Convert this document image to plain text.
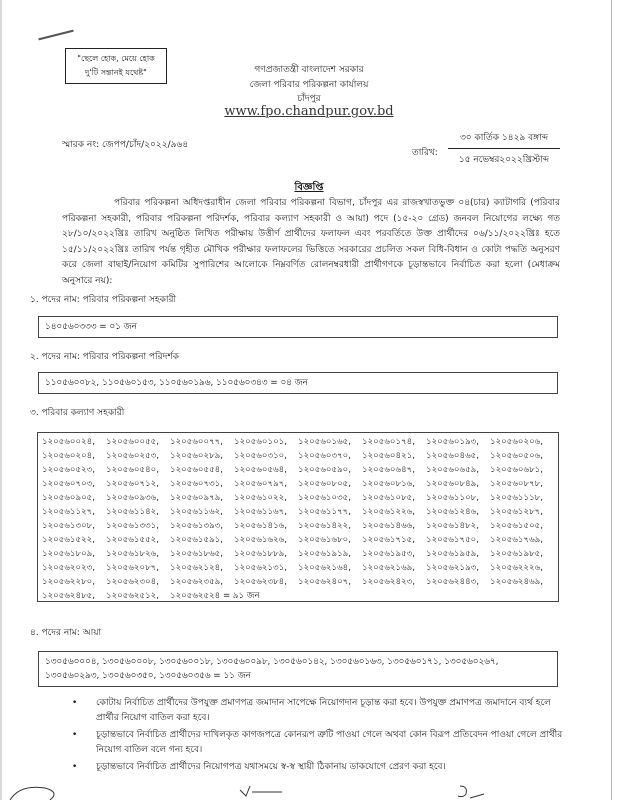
"ছেলে হোক, মেয়ে হোক
দু'টি সন্তানই যথেষ্ট"	গণপ্রজাতন্ত্রী বাংলাদেশ সরকার
জেলা পরিবার পরিকল্পনা কার্যালয়
চাঁদপুর
www.fpo.chandpur.gov.bd
স্মারক নং: জেপপ/চাঁদ/২০২২/৯৬৪
তারিখ:
৩০ কার্তিক ১৪২৯ বঙ্গাব্দ
১৫ নভেম্বর২০২২খ্রিস্টাব্দ
বিজ্ঞপ্তি
পরিবার পরিকল্পনা অধিদপ্তরাধীন জেলা পরিবার পরিকল্পনা বিভাগ, চাঁদপুর এর রাজস্বখাতভুক্ত ০৪(চার) ক্যাটাগরি (পরিবার পরিকল্পনা সহকারী, পরিবার পরিকল্পনা পরিদর্শক, পরিবার কল্যাণ সহকারী ও আয়া) পদে (১৫-২০ গ্রেড) জনবল নিয়োগের লক্ষ্যে গত ২৮/১০/২০২২খ্রিঃ তারিখ অনুষ্ঠিত লিখিত পরীক্ষায় উত্তীর্ণ প্রার্থীদের ফলাফল এবং পরবর্তিতে উক্ত প্রার্থীদের ০৬/১১/২০২২খ্রিঃ হতে ১৫/১১/২০২২খ্রিঃ তারিখ পর্যন্ত গৃহীত মৌখিক পরীক্ষার ফলাফলের ভিত্তিতে সরকারের প্রচলিত সকল বিধি-বিধান ও কোটা পদ্ধতি অনুসরণ করে জেলা বাছাই/নিয়োগ কমিটির সুপারিশের আলোকে নিম্নবর্ণিত রোলনম্বরধারী প্রার্থীগণকে চূড়ান্তভাবে নির্বাচিত করা হলো (মেধাক্রম অনুসারে নয়):
১. পদের নাম: পরিবার পরিকল্পনা সহকারী
১৪০৫৬০৩৩৩ = ০১ জন
২. পদের নাম: পরিবার পরিকল্পনা পরিদর্শক
১১০৫৬০০৮২, ১১০৫৬০১৫৩, ১১০৫৬০১৯৬, ১১০৫৬০৩৪৩ = ০৪ জন
৩. পরিবার কল্যাণ সহকারী
১২০৫৬০০২৪,	১২০৫৬০০৫৫,	১২০৫৬০০৭৭,	১২০৫৬০১০১,	১২০৫৬০১৬৫,	১২০৫৬০১৭৪,	১২০৫৬০১৯৩,	১২০৫৬০২০৬,
১২০৫৬০২০৪,	১২০৫৬০২৫৩,	১২০৫৬০২৮৯,	১২০৫৬০৩১০,	১২০৫৬০৩৭০,	১২০৫৬০৪২১,	১২০৫৬০৪৬৫,	১২০৫৬০৫০৬,
১২০৫৬০৫২৩,	১২০৫৬০৫৪০,	১২০৫৬০৫৫৪,	১২০৫৬০৫৬৪,	১২০৫৬০৫৯০,	১২০৫৬০৬৪৭,	১২০৫৬০৬৫৯,	১২০৫৬০৬৮১,
১২০৫৬০৭০৩,	১২০৫৬০৭১২,	১২০৫৬০৭৩১,	১২০৫৬০৭৯৭,	১২০৫৬০৮০৫,	১২০৫৬০৮১৬,	১২০৫৬০৮৪৯,	১২০৫৬০৮৭৮,
১২০৫৬০৯০৫,	১২০৫৬০৯৩৬,	১২০৫৬০৯৭৯,	১২০৫৬১০২২,	১২০৫৬১০৩৫,	১২০৫৬১০৮৫,	১২০৫৬১১০৮,	১২০৫৬১১১৮,
১২০৫৬১১২৭,	১২০৫৬১১৪২,	১২০৫৬১১৬২,	১২০৫৬১১৬৭,	১২০৫৬১১৭৭,	১২০৫৬১২২৬,	১২০৫৬১২৪৬,	১২০৫৬১২৮৭,
১২০৫৬১৩০৮,	১২০৫৬১৩৩১,	১২০৫৬১৩৯৩,	১২০৫৬১৪১৬,	১২০৫৬১৪২২,	১২০৫৬১৪৬৬,	১২০৫৬১৪৮২,	১২০৫৬১৫০৫,
১২০৫৬১৫২২,	১২০৫৬১৫৫২,	১২০৫৬১৫৯১,	১২০৫৬১৬২৬,	১২০৫৬১৬৮০,	১২০৫৬১৭১৫,	১২০৫৬১৭৫০,	১২০৫৬১৭৬৯,
১২০৫৬১৮০৯,	১২০৫৬১৮২৬,	১২০৫৬১৮৬৫,	১২০৫৬১৮৮৯,	১২০৫৬১৯১৯,	১২০৫৬১৯৫৩,	১২০৫৬১৯৫৯,	১২০৫৬১৯৮৫,
১২০৫৬২০২৩,	১২০৫৬২০৮৭,	১২০৫৬২১২৪,	১২০৫৬২১৩১,	১২০৫৬২১৬৪,	১২০৫৬২১৬৯,	১২০৫৬২১৯৩,	১২০৫৬২২২৬,
১২০৫৬২২৮০,	১২০৫৬২৩০৪,	১২০৫৬২৩৫৯,	১২০৫৬২৩৮৪,	১২০৫৬২৪০৭,	১২০৫৬২৪২৩,	১২০৫৬২৪৪৩,	১২০৫৬২৪৬৯,
১২০৫৬২৪৮৫,	১২০৫৬২৫১২,	১২০৫৬২৫২৪ = ৯১ জন
৪. পদের নাম: আয়া
১৩০৫৬০০০৪, ১৩০৫৬০০০৮, ১৩০৫৬০০১৮, ১৩০৫৬০০৯৮, ১৩০৫৬০১৪২, ১৩০৫৬০১৬৩, ১৩০৫৬০১৭১, ১৩০৫৬০২৬৭,
১৩০৫৬০২৯৩, ১৩০৫৬০৩৫০, ১৩০৫৬০৩৫৬ = ১১ জন
• কোটায় নির্বাচিত প্রার্থীদের উপযুক্ত প্রমাণপত্র জমাদান সাপেক্ষে নিয়োগদান চূড়ান্ত করা হবে। উপযুক্ত প্রমাণপত্র জমাদানে ব্যর্থ হলে প্রার্থীর নিয়োগ বাতিল করা হবে।
• চূড়ান্তভাবে নির্বাচিত প্রার্থীদের দাখিলকৃত কাগজপত্রে কোনরূপ ত্রুটি পাওয়া গেলে অথবা কোন বিরূপ প্রতিবেদন পাওয়া গেলে প্রার্থীর নিয়োগ বাতিল বলে গন্য হবে।
• চূড়ান্তভাবে নির্বাচিত প্রার্থীদের নিয়োগপত্র যথাসময়ে স্ব-স্ব স্থায়ী ঠিকানায় ডাকযোগে প্রেরণ করা হবে।
